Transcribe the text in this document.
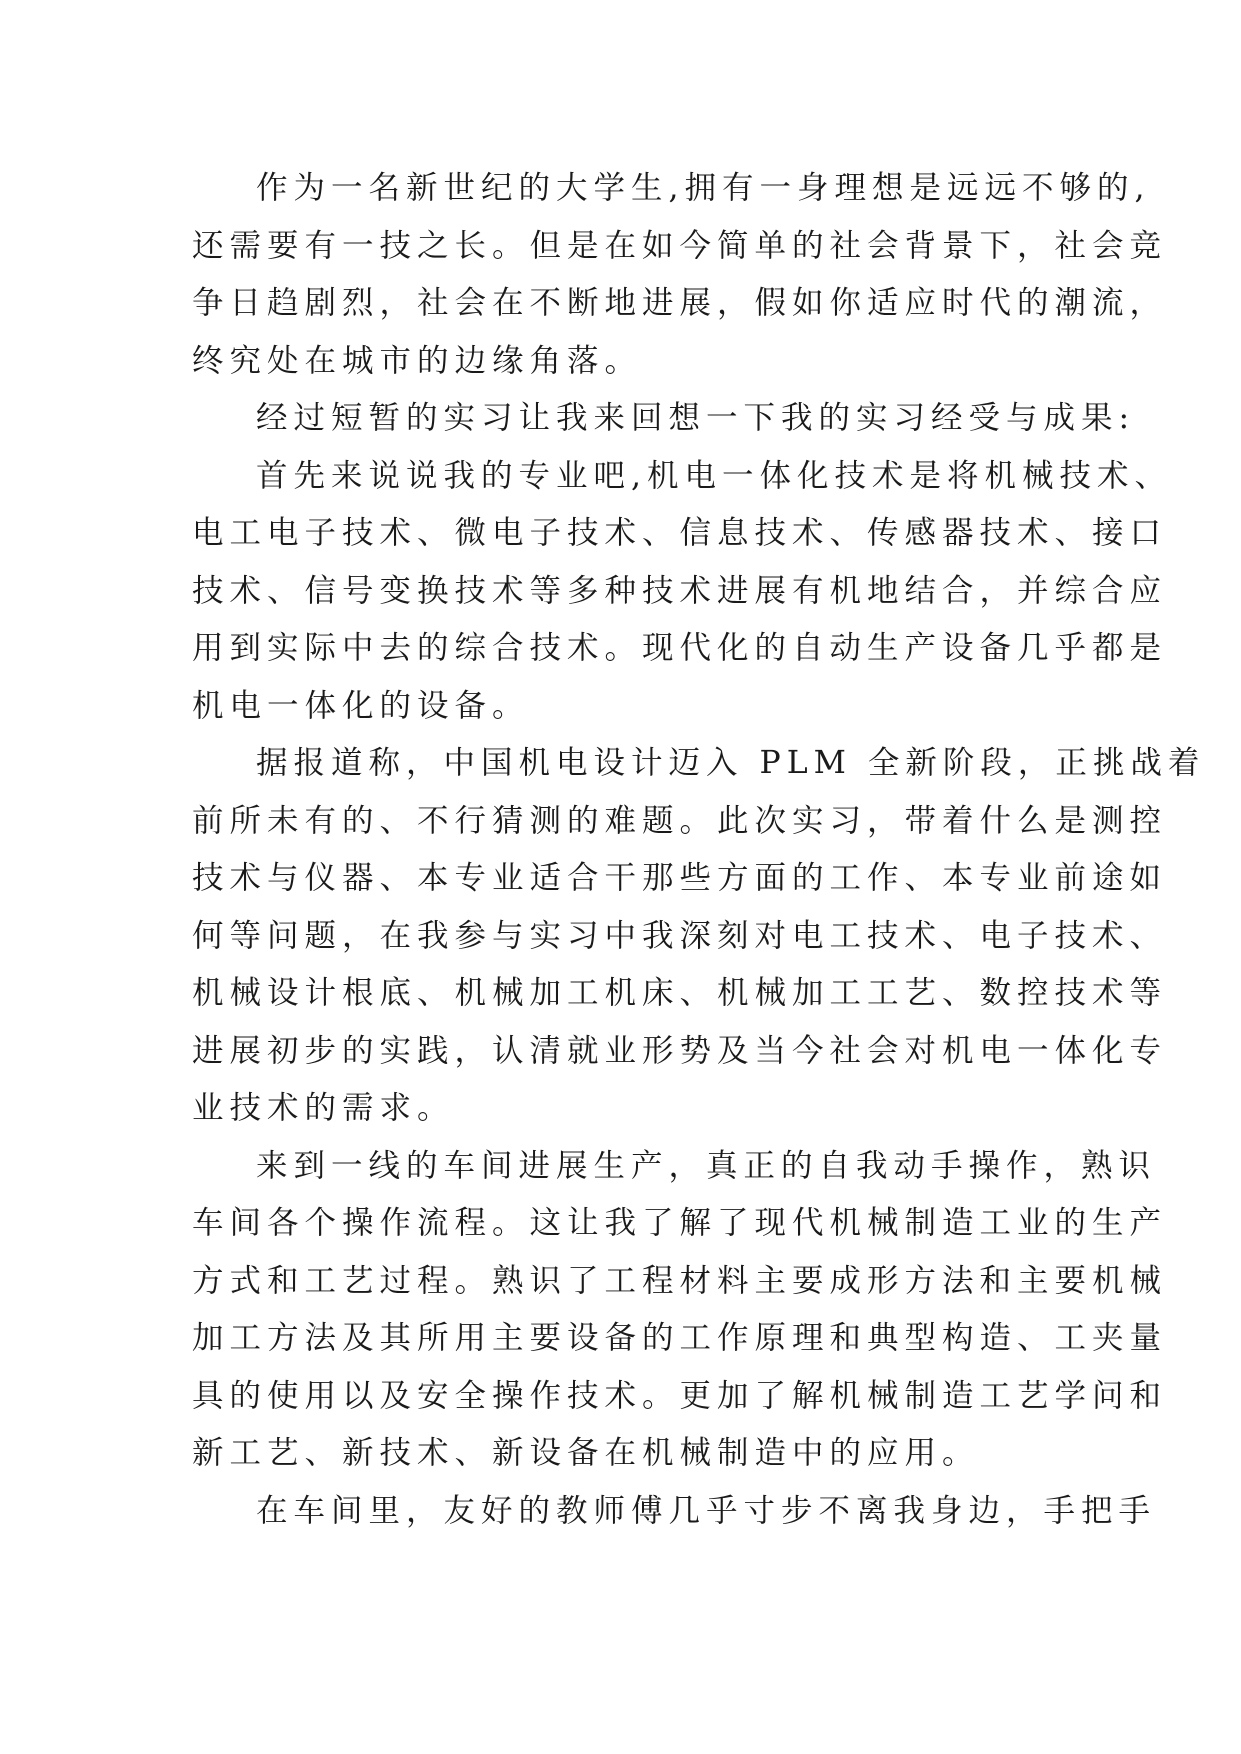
作为一名新世纪的大学生,拥有一身理想是远远不够的,
还需要有一技之长。但是在如今简单的社会背景下，社会竞
争日趋剧烈，社会在不断地进展，假如你适应时代的潮流，
终究处在城市的边缘角落。
经过短暂的实习让我来回想一下我的实习经受与成果:
首先来说说我的专业吧,机电一体化技术是将机械技术、
电工电子技术、微电子技术、信息技术、传感器技术、接口
技术、信号变换技术等多种技术进展有机地结合，并综合应
用到实际中去的综合技术。现代化的自动生产设备几乎都是
机电一体化的设备。
据报道称，中国机电设计迈入 PLM 全新阶段，正挑战着
前所未有的、不行猜测的难题。此次实习，带着什么是测控
技术与仪器、本专业适合干那些方面的工作、本专业前途如
何等问题，在我参与实习中我深刻对电工技术、电子技术、
机械设计根底、机械加工机床、机械加工工艺、数控技术等
进展初步的实践，认清就业形势及当今社会对机电一体化专
业技术的需求。
来到一线的车间进展生产，真正的自我动手操作，熟识
车间各个操作流程。这让我了解了现代机械制造工业的生产
方式和工艺过程。熟识了工程材料主要成形方法和主要机械
加工方法及其所用主要设备的工作原理和典型构造、工夹量
具的使用以及安全操作技术。更加了解机械制造工艺学问和
新工艺、新技术、新设备在机械制造中的应用。
在车间里，友好的教师傅几乎寸步不离我身边，手把手
